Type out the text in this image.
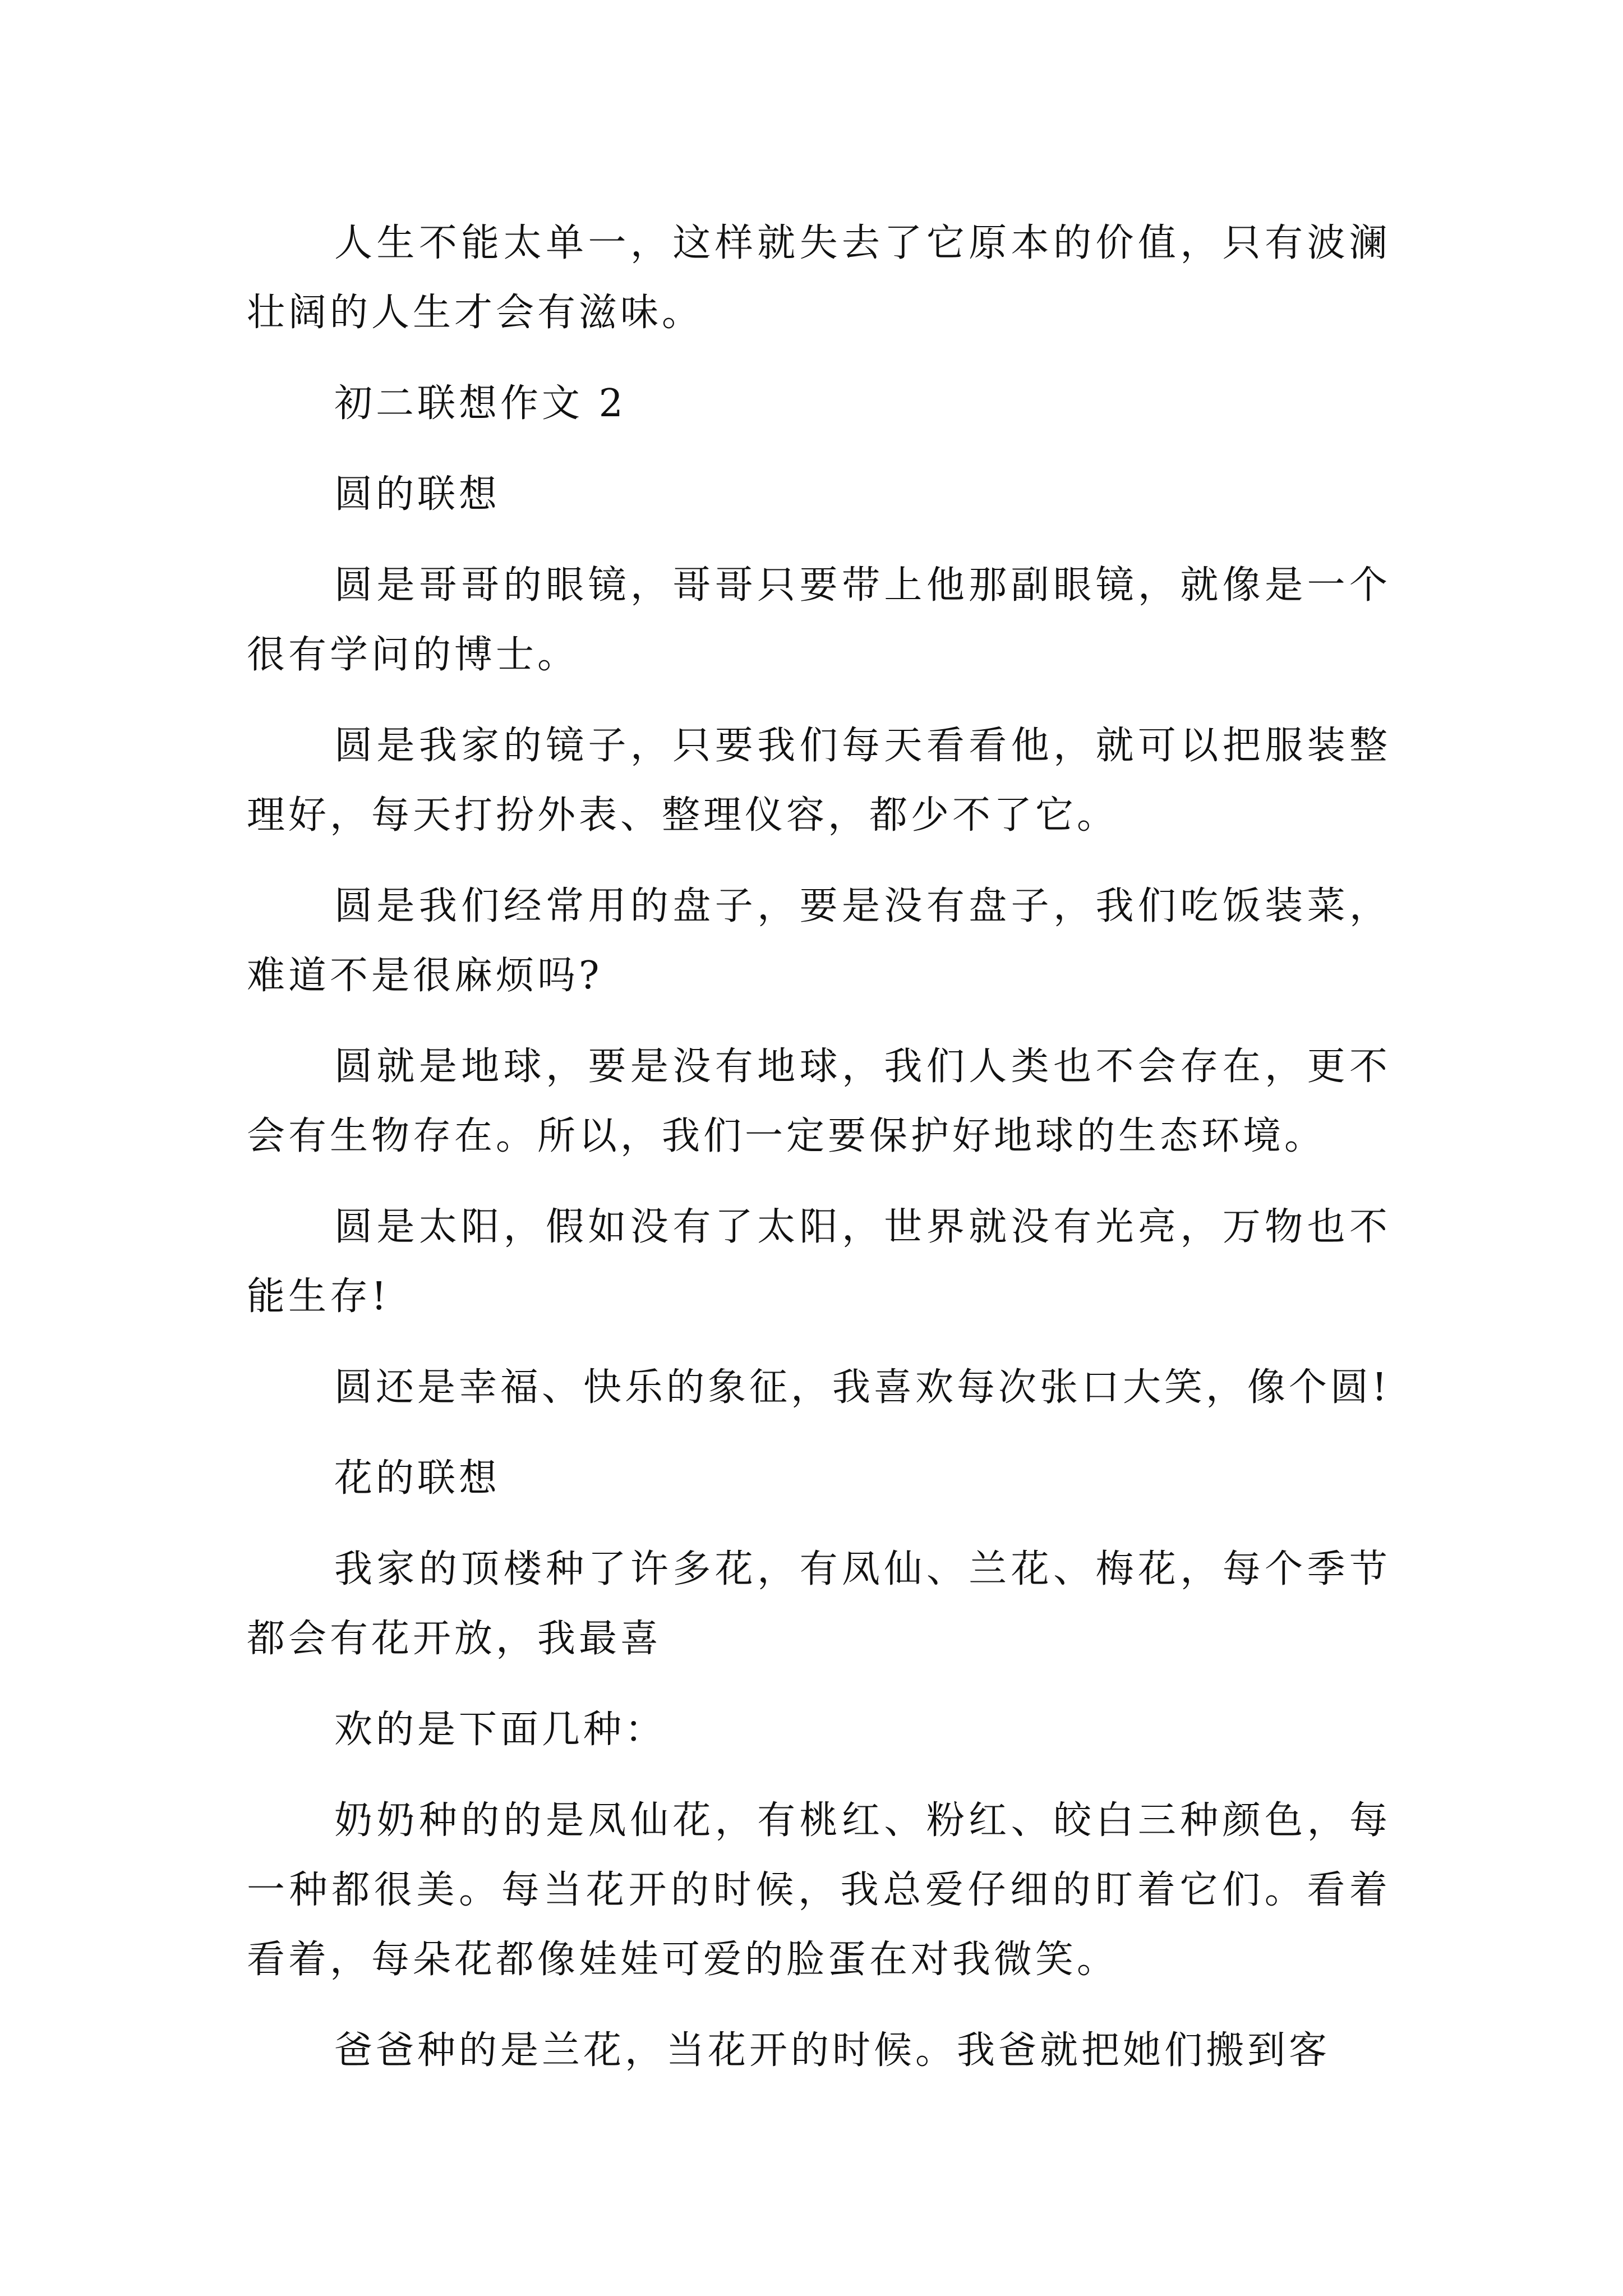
人生不能太单一，这样就失去了它原本的价值，只有波澜壮阔的人生才会有滋味。

初二联想作文 2

圆的联想

圆是哥哥的眼镜，哥哥只要带上他那副眼镜，就像是一个很有学问的博士。

圆是我家的镜子，只要我们每天看看他，就可以把服装整理好，每天打扮外表、整理仪容，都少不了它。

圆是我们经常用的盘子，要是没有盘子，我们吃饭装菜，难道不是很麻烦吗?

圆就是地球，要是没有地球，我们人类也不会存在，更不会有生物存在。所以，我们一定要保护好地球的生态环境。

圆是太阳，假如没有了太阳，世界就没有光亮，万物也不能生存!

圆还是幸福、快乐的象征，我喜欢每次张口大笑，像个圆!

花的联想

我家的顶楼种了许多花，有凤仙、兰花、梅花，每个季节都会有花开放，我最喜

欢的是下面几种：

奶奶种的的是凤仙花，有桃红、粉红、皎白三种颜色，每一种都很美。每当花开的时候，我总爱仔细的盯着它们。看着看着，每朵花都像娃娃可爱的脸蛋在对我微笑。

爸爸种的是兰花，当花开的时候。我爸就把她们搬到客
